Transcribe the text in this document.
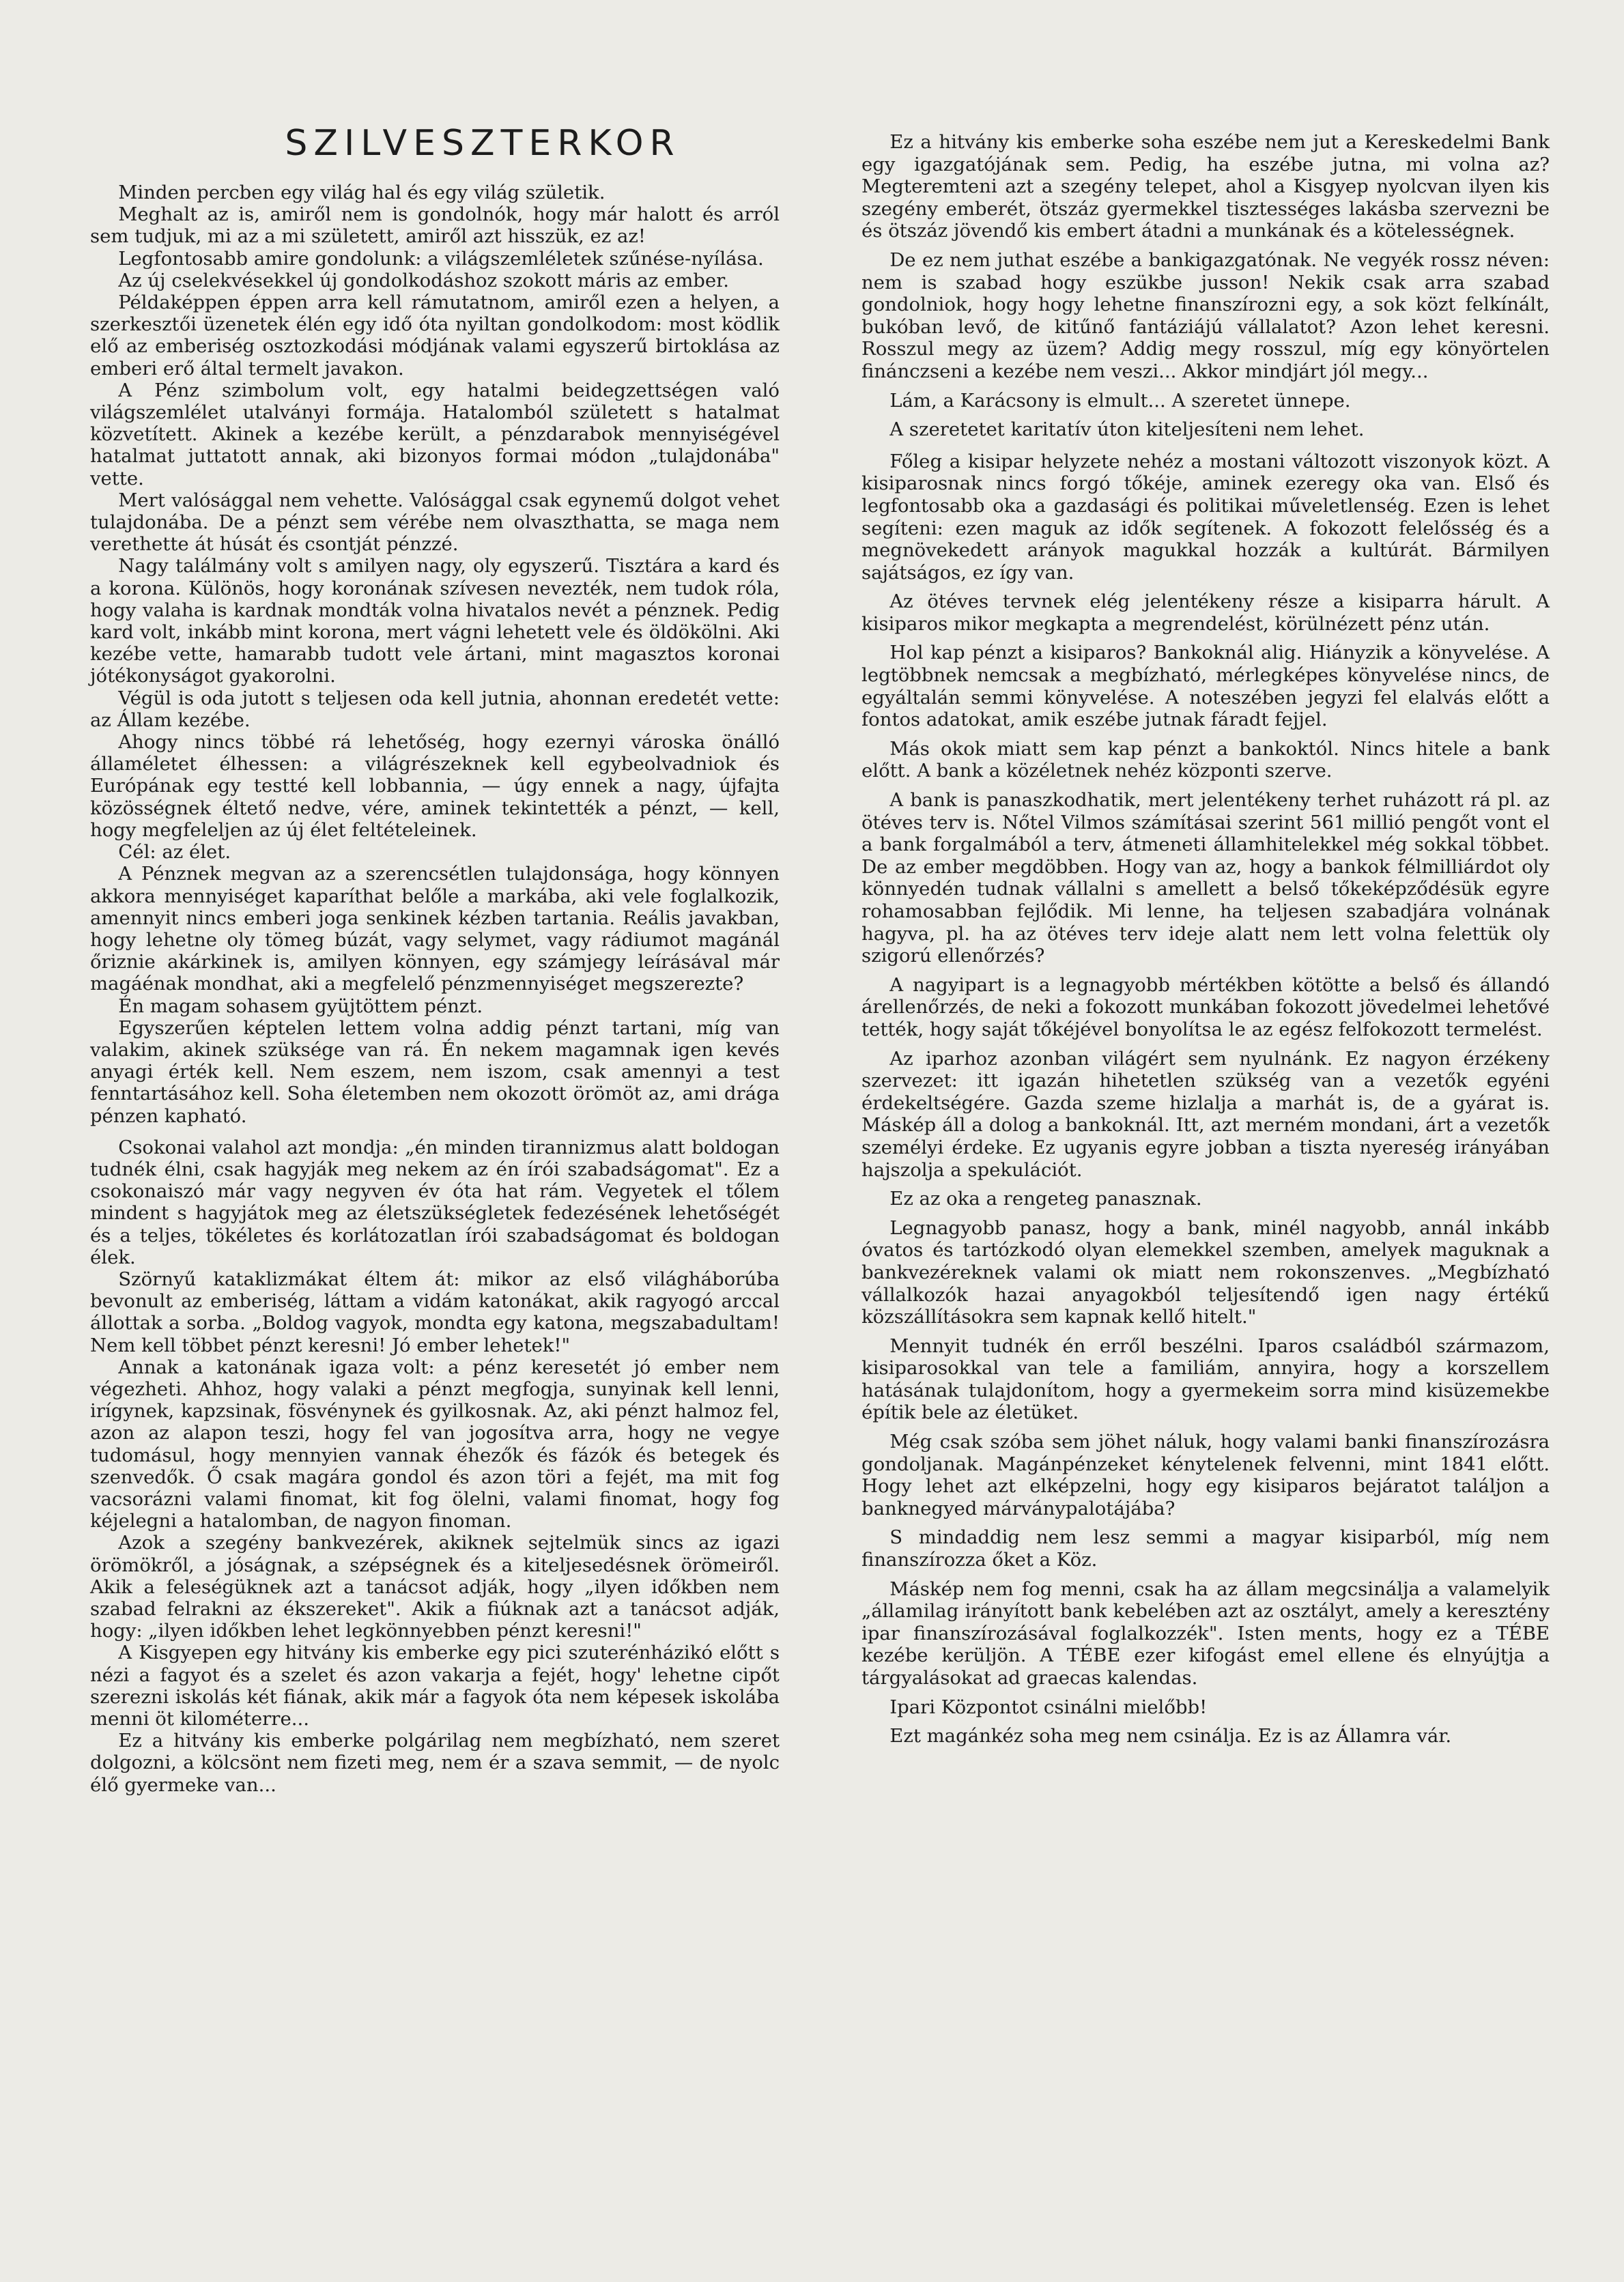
SZILVESZTERKOR

Minden percben egy világ hal és egy világ születik.

Meghalt az is, amiről nem is gondolnók, hogy már halott és arról sem tudjuk, mi az a mi született, amiről azt hisszük, ez az!

Legfontosabb amire gondolunk: a világszemléletek szűnése-nyílása.

Az új cselekvésekkel új gondolkodáshoz szokott máris az ember.

Példaképpen éppen arra kell rámutatnom, amiről ezen a helyen, a szerkesztői üzenetek élén egy idő óta nyiltan gondolkodom: most ködlik elő az emberiség osztozkodási módjának valami egyszerű birtoklása az emberi erő által termelt javakon.

A Pénz szimbolum volt, egy hatalmi beidegzettségen való világszemlélet utalványi formája. Hatalomból született s hatalmat közvetített. Akinek a kezébe került, a pénzdarabok mennyiségével hatalmat juttatott annak, aki bizonyos formai módon „tulajdonába" vette.

Mert valósággal nem vehette. Valósággal csak egynemű dolgot vehet tulajdonába. De a pénzt sem vérébe nem olvaszthatta, se maga nem verethette át húsát és csontját pénzzé.

Nagy találmány volt s amilyen nagy, oly egyszerű. Tisztára a kard és a korona. Különös, hogy koronának szívesen nevezték, nem tudok róla, hogy valaha is kardnak mondták volna hivatalos nevét a pénznek. Pedig kard volt, inkább mint korona, mert vágni lehetett vele és öldökölni. Aki kezébe vette, hamarabb tudott vele ártani, mint magasztos koronai jótékonyságot gyakorolni.

Végül is oda jutott s teljesen oda kell jutnia, ahonnan eredetét vette: az Állam kezébe.

Ahogy nincs többé rá lehetőség, hogy ezernyi városka önálló államéletet élhessen: a világrészeknek kell egybeolvadniok és Európának egy testté kell lobbannia, — úgy ennek a nagy, újfajta közösségnek éltető nedve, vére, aminek tekintették a pénzt, — kell, hogy megfeleljen az új élet feltételeinek.

Cél: az élet.

A Pénznek megvan az a szerencsétlen tulajdonsága, hogy könnyen akkora mennyiséget kaparíthat belőle a markába, aki vele foglalkozik, amennyit nincs emberi joga senkinek kézben tartania. Reális javakban, hogy lehetne oly tömeg búzát, vagy selymet, vagy rádiumot magánál őriznie akárkinek is, amilyen könnyen, egy számjegy leírásával már magáénak mondhat, aki a megfelelő pénzmennyiséget megszerezte?

Én magam sohasem gyüjtöttem pénzt.

Egyszerűen képtelen lettem volna addig pénzt tartani, míg van valakim, akinek szüksége van rá. Én nekem magamnak igen kevés anyagi érték kell. Nem eszem, nem iszom, csak amennyi a test fenntartásához kell. Soha életemben nem okozott örömöt az, ami drága pénzen kapható.

Csokonai valahol azt mondja: „én minden tirannizmus alatt boldogan tudnék élni, csak hagyják meg nekem az én írói szabadságomat". Ez a csokonaiszó már vagy negyven év óta hat rám. Vegyetek el tőlem mindent s hagyjátok meg az életszükségletek fedezésének lehetőségét és a teljes, tökéletes és korlátozatlan írói szabadságomat és boldogan élek.

Szörnyű kataklizmákat éltem át: mikor az első világháborúba bevonult az emberiség, láttam a vidám katonákat, akik ragyogó arccal állottak a sorba. „Boldog vagyok, mondta egy katona, megszabadultam! Nem kell többet pénzt keresni! Jó ember lehetek!"

Annak a katonának igaza volt: a pénz keresetét jó ember nem végezheti. Ahhoz, hogy valaki a pénzt megfogja, sunyinak kell lenni, irígynek, kapzsinak, fösvénynek és gyilkosnak. Az, aki pénzt halmoz fel, azon az alapon teszi, hogy fel van jogosítva arra, hogy ne vegye tudomásul, hogy mennyien vannak éhezők és fázók és betegek és szenvedők. Ő csak magára gondol és azon töri a fejét, ma mit fog vacsorázni valami finomat, kit fog ölelni, valami finomat, hogy fog kéjelegni a hatalomban, de nagyon finoman.

Azok a szegény bankvezérek, akiknek sejtelmük sincs az igazi örömökről, a jóságnak, a szépségnek és a kiteljesedésnek örömeiről. Akik a feleségüknek azt a tanácsot adják, hogy „ilyen időkben nem szabad felrakni az ékszereket". Akik a fiúknak azt a tanácsot adják, hogy: „ilyen időkben lehet legkönnyebben pénzt keresni!"

A Kisgyepen egy hitvány kis emberke egy pici szuterénházikó előtt s nézi a fagyot és a szelet és azon vakarja a fejét, hogy' lehetne cipőt szerezni iskolás két fiának, akik már a fagyok óta nem képesek iskolába menni öt kilométerre...

Ez a hitvány kis emberke polgárilag nem megbízható, nem szeret dolgozni, a kölcsönt nem fizeti meg, nem ér a szava semmit, — de nyolc élő gyermeke van...

Ez a hitvány kis emberke soha eszébe nem jut a Kereskedelmi Bank egy igazgatójának sem. Pedig, ha eszébe jutna, mi volna az? Megteremteni azt a szegény telepet, ahol a Kisgyep nyolcvan ilyen kis szegény emberét, ötszáz gyermekkel tisztességes lakásba szervezni be és ötszáz jövendő kis embert átadni a munkának és a kötelességnek.

De ez nem juthat eszébe a bankigazgatónak. Ne vegyék rossz néven: nem is szabad hogy eszükbe jusson! Nekik csak arra szabad gondolniok, hogy hogy lehetne finanszírozni egy, a sok közt felkínált, bukóban levő, de kitűnő fantáziájú vállalatot? Azon lehet keresni. Rosszul megy az üzem? Addig megy rosszul, míg egy könyörtelen finánczseni a kezébe nem veszi... Akkor mindjárt jól megy...

Lám, a Karácsony is elmult... A szeretet ünnepe.

A szeretetet karitatív úton kiteljesíteni nem lehet.

Főleg a kisipar helyzete nehéz a mostani változott viszonyok közt. A kisiparosnak nincs forgó tőkéje, aminek ezeregy oka van. Első és legfontosabb oka a gazdasági és politikai műveletlenség. Ezen is lehet segíteni: ezen maguk az idők segítenek. A fokozott felelősség és a megnövekedett arányok magukkal hozzák a kultúrát. Bármilyen sajátságos, ez így van.

Az ötéves tervnek elég jelentékeny része a kisiparra hárult. A kisiparos mikor megkapta a megrendelést, körülnézett pénz után.

Hol kap pénzt a kisiparos? Bankoknál alig. Hiányzik a könyvelése. A legtöbbnek nemcsak a megbízható, mérlegképes könyvelése nincs, de egyáltalán semmi könyvelése. A noteszében jegyzi fel elalvás előtt a fontos adatokat, amik eszébe jutnak fáradt fejjel.

Más okok miatt sem kap pénzt a bankoktól. Nincs hitele a bank előtt. A bank a közéletnek nehéz központi szerve.

A bank is panaszkodhatik, mert jelentékeny terhet ruházott rá pl. az ötéves terv is. Nőtel Vilmos számításai szerint 561 millió pengőt vont el a bank forgalmából a terv, átmeneti államhitelekkel még sokkal többet. De az ember megdöbben. Hogy van az, hogy a bankok félmilliárdot oly könnyedén tudnak vállalni s amellett a belső tőkeképződésük egyre rohamosabban fejlődik. Mi lenne, ha teljesen szabadjára volnának hagyva, pl. ha az ötéves terv ideje alatt nem lett volna felettük oly szigorú ellenőrzés?

A nagyipart is a legnagyobb mértékben kötötte a belső és állandó árellenőrzés, de neki a fokozott munkában fokozott jövedelmei lehetővé tették, hogy saját tőkéjével bonyolítsa le az egész felfokozott termelést.

Az iparhoz azonban világért sem nyulnánk. Ez nagyon érzékeny szervezet: itt igazán hihetetlen szükség van a vezetők egyéni érdekeltségére. Gazda szeme hizlalja a marhát is, de a gyárat is. Máskép áll a dolog a bankoknál. Itt, azt merném mondani, árt a vezetők személyi érdeke. Ez ugyanis egyre jobban a tiszta nyereség irányában hajszolja a spekulációt.

Ez az oka a rengeteg panasznak.

Legnagyobb panasz, hogy a bank, minél nagyobb, annál inkább óvatos és tartózkodó olyan elemekkel szemben, amelyek maguknak a bankvezéreknek valami ok miatt nem rokonszenves. „Megbízható vállalkozók hazai anyagokból teljesítendő igen nagy értékű közszállításokra sem kapnak kellő hitelt."

Mennyit tudnék én erről beszélni. Iparos családból származom, kisiparosokkal van tele a familiám, annyira, hogy a korszellem hatásának tulajdonítom, hogy a gyermekeim sorra mind kisüzemekbe építik bele az életüket.

Még csak szóba sem jöhet náluk, hogy valami banki finanszírozásra gondoljanak. Magánpénzeket kénytelenek felvenni, mint 1841 előtt. Hogy lehet azt elképzelni, hogy egy kisiparos bejáratot találjon a banknegyed márványpalotájába?

S mindaddig nem lesz semmi a magyar kisiparból, míg nem finanszírozza őket a Köz.

Máskép nem fog menni, csak ha az állam megcsinálja a valamelyik „államilag irányított bank kebelében azt az osztályt, amely a keresztény ipar finanszírozásával foglalkozzék". Isten ments, hogy ez a TÉBE kezébe kerüljön. A TÉBE ezer kifogást emel ellene és elnyújtja a tárgyalásokat ad graecas kalendas.

Ipari Központot csinálni mielőbb!

Ezt magánkéz soha meg nem csinálja. Ez is az Államra vár.
